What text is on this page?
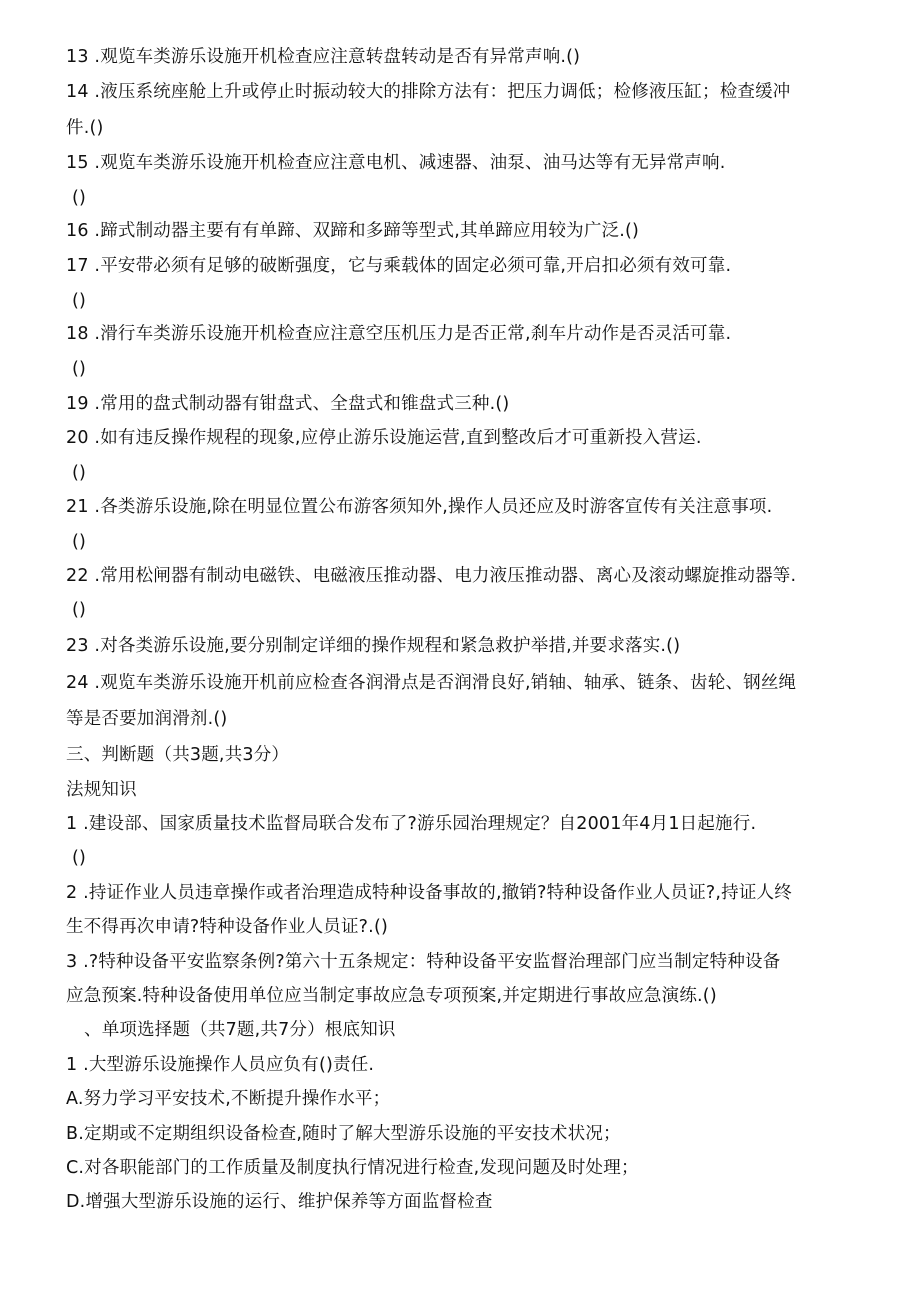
13 .观览车类游乐设施开机检查应注意转盘转动是否有异常声响.()

14 .液压系统座舱上升或停止时振动较大的排除方法有：把压力调低；检修液压缸；检查缓冲

件.()

15 .观览车类游乐设施开机检查应注意电机、减速器、油泵、油马达等有无异常声响.

()

16 .蹄式制动器主要有有单蹄、双蹄和多蹄等型式,其单蹄应用较为广泛.()

17 .平安带必须有足够的破断强度，它与乘载体的固定必须可靠,开启扣必须有效可靠.

()

18 .滑行车类游乐设施开机检查应注意空压机压力是否正常,刹车片动作是否灵活可靠.

()

19 .常用的盘式制动器有钳盘式、全盘式和锥盘式三种.()

20 .如有违反操作规程的现象,应停止游乐设施运营,直到整改后才可重新投入营运.

()

21 .各类游乐设施,除在明显位置公布游客须知外,操作人员还应及时游客宣传有关注意事项.

()

22 .常用松闸器有制动电磁铁、电磁液压推动器、电力液压推动器、离心及滚动螺旋推动器等.

()

23 .对各类游乐设施,要分别制定详细的操作规程和紧急救护举措,并要求落实.()

24 .观览车类游乐设施开机前应检查各润滑点是否润滑良好,销轴、轴承、链条、齿轮、钢丝绳

等是否要加润滑剂.()

三、判断题（共3题,共3分）

法规知识

1 .建设部、国家质量技术监督局联合发布了?游乐园治理规定？自2001年4月1日起施行.

()

2 .持证作业人员违章操作或者治理造成特种设备事故的,撤销?特种设备作业人员证?,持证人终

生不得再次申请?特种设备作业人员证?.()

3 .?特种设备平安监察条例?第六十五条规定：特种设备平安监督治理部门应当制定特种设备

应急预案.特种设备使用单位应当制定事故应急专项预案,并定期进行事故应急演练.()

、单项选择题（共7题,共7分）根底知识

1 .大型游乐设施操作人员应负有()责任.

A.努力学习平安技术,不断提升操作水平；

B.定期或不定期组织设备检查,随时了解大型游乐设施的平安技术状况；

C.对各职能部门的工作质量及制度执行情况进行检查,发现问题及时处理；

D.增强大型游乐设施的运行、维护保养等方面监督检查
